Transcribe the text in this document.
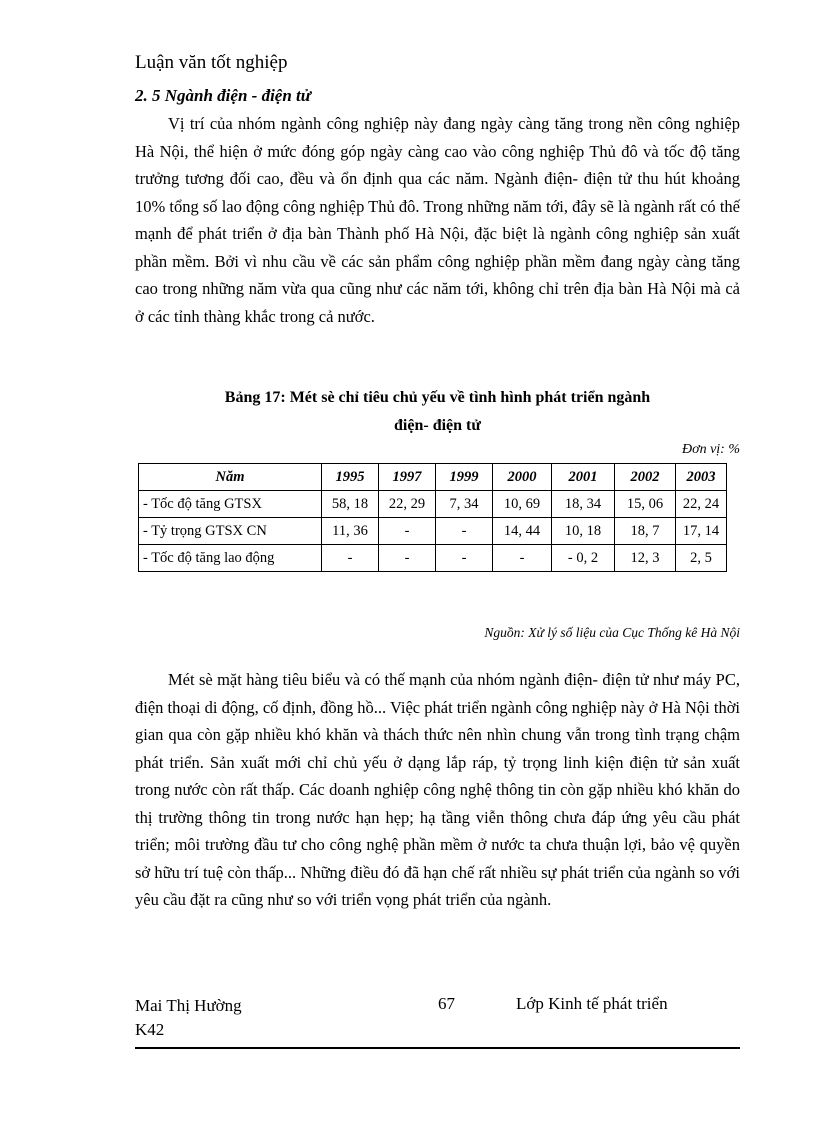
Luận văn tốt nghiệp
2. 5 Ngành điện - điện tử

Vị trí của nhóm ngành công nghiệp này đang ngày càng tăng trong nền công nghiệp Hà Nội, thể hiện ở mức đóng góp ngày càng cao vào công nghiệp Thủ đô và tốc độ tăng trưởng tương đối cao, đều và ổn định qua các năm. Ngành điện- điện tử thu hút khoảng 10% tổng số lao động công nghiệp Thủ đô. Trong những năm tới, đây sẽ là ngành rất có thế mạnh để phát triển ở địa bàn Thành phố Hà Nội, đặc biệt là ngành công nghiệp sản xuất phần mềm. Bởi vì nhu cầu về các sản phẩm công nghiệp phần mềm đang ngày càng tăng cao trong những năm vừa qua cũng như các năm tới, không chỉ trên địa bàn Hà Nội mà cả ở các tỉnh thàng khắc trong cả nước.

Bảng 17: Mét sè chỉ tiêu chủ yếu về tình hình phát triển ngành
điện- điện tử
Đơn vị: %
Năm	1995	1997	1999	2000	2001	2002	2003
- Tốc độ tăng GTSX	58, 18	22, 29	7, 34	10, 69	18, 34	15, 06	22, 24
- Tỷ trọng GTSX CN	11, 36	-	-	14, 44	10, 18	18, 7	17, 14
- Tốc độ tăng lao động	-	-	-	-	- 0, 2	12, 3	2, 5
Nguồn: Xử lý số liệu của Cục Thống kê Hà Nội

Mét sè mặt hàng tiêu biểu và có thế mạnh của nhóm ngành điện- điện tử như máy PC, điện thoại di động, cố định, đồng hồ... Việc phát triển ngành công nghiệp này ở Hà Nội thời gian qua còn gặp nhiều khó khăn và thách thức nên nhìn chung vẫn trong tình trạng chậm phát triển. Sản xuất mới chỉ chủ yếu ở dạng lắp ráp, tỷ trọng linh kiện điện tử sản xuất trong nước còn rất thấp. Các doanh nghiệp công nghệ thông tin còn gặp nhiều khó khăn do thị trường thông tin trong nước hạn hẹp; hạ tầng viễn thông chưa đáp ứng yêu cầu phát triển; môi trường đầu tư cho công nghệ phần mềm ở nước ta chưa thuận lợi, bảo vệ quyền sở hữu trí tuệ còn thấp... Những điều đó đã hạn chế rất nhiều sự phát triển của ngành so với yêu cầu đặt ra cũng như so với triển vọng phát triển của ngành.

Mai Thị Hường
K42
67	Lớp Kinh tế phát triển
